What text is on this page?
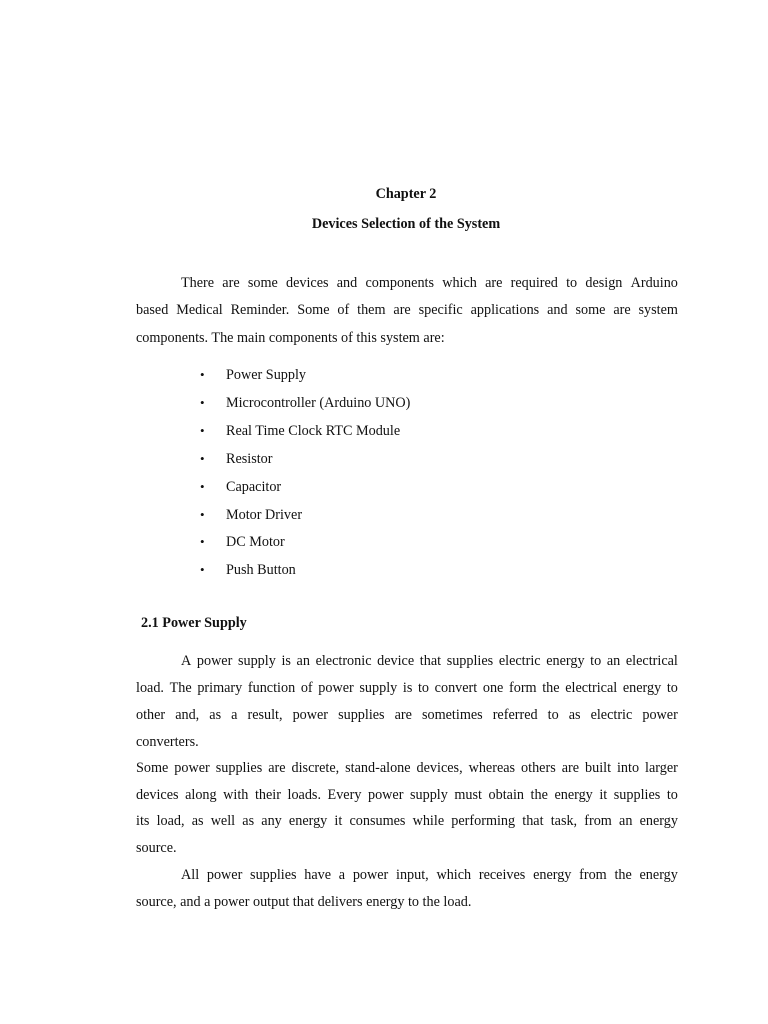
Chapter 2
Devices Selection of the System
There are some devices and components which are required to design Arduino
based Medical Reminder. Some of them are specific applications and some are system
components. The main components of this system are:
• Power Supply
• Microcontroller (Arduino UNO)
• Real Time Clock RTC Module
• Resistor
• Capacitor
• Motor Driver
• DC Motor
• Push Button
2.1 Power Supply
A power supply is an electronic device that supplies electric energy to an electrical
load. The primary function of power supply is to convert one form the electrical energy to
other and, as a result, power supplies are sometimes referred to as electric power
converters.
Some power supplies are discrete, stand-alone devices, whereas others are built into larger
devices along with their loads. Every power supply must obtain the energy it supplies to
its load, as well as any energy it consumes while performing that task, from an energy
source.
All power supplies have a power input, which receives energy from the energy
source, and a power output that delivers energy to the load.
